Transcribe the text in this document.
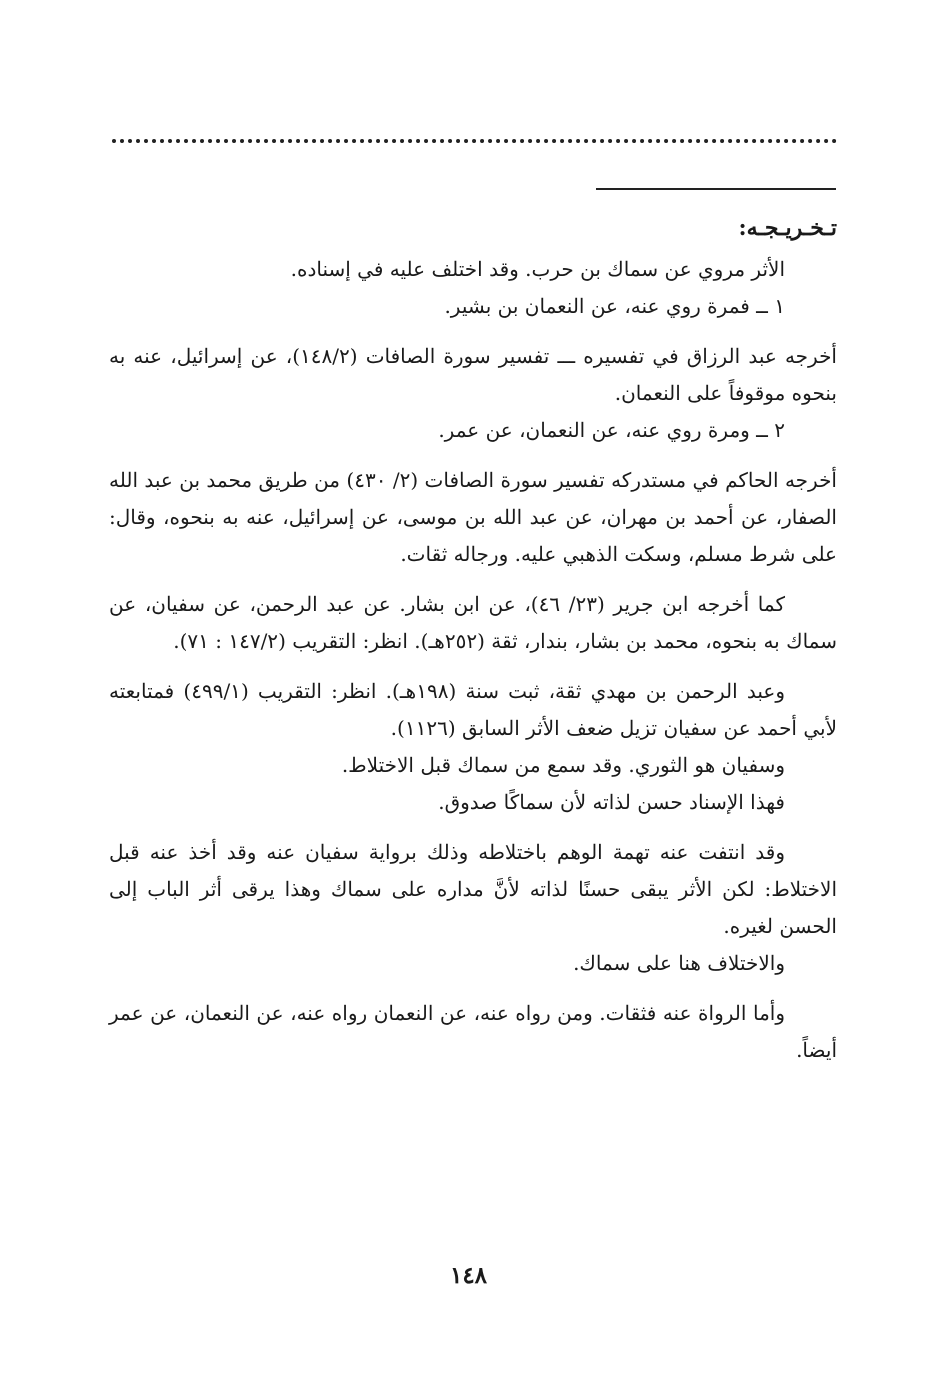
تـخـريـجـه:

الأثر مروي عن سماك بن حرب. وقد اختلف عليه في إسناده.

١ ــ فمرة روي عنه، عن النعمان بن بشير.

أخرجه عبد الرزاق في تفسيره ـــ تفسير سورة الصافات (١٤٨/٢)، عن إسرائيل، عنه به بنحوه موقوفاً على النعمان.

٢ ــ ومرة روي عنه، عن النعمان، عن عمر.

أخرجه الحاكم في مستدركه تفسير سورة الصافات (٢/ ٤٣٠) من طريق محمد بن عبد الله الصفار، عن أحمد بن مهران، عن عبد الله بن موسى، عن إسرائيل، عنه به بنحوه، وقال: على شرط مسلم، وسكت الذهبي عليه. ورجاله ثقات.

كما أخرجه ابن جرير (٢٣/ ٤٦)، عن ابن بشار. عن عبد الرحمن، عن سفيان، عن سماك به بنحوه، محمد بن بشار، بندار، ثقة (٢٥٢هـ). انظر: التقريب (١٤٧/٢ : ٧١).

وعبد الرحمن بن مهدي ثقة، ثبت سنة (١٩٨هـ). انظر: التقريب (٤٩٩/١) فمتابعته لأبي أحمد عن سفيان تزيل ضعف الأثر السابق (١١٢٦).

وسفيان هو الثوري. وقد سمع من سماك قبل الاختلاط.

فهذا الإسناد حسن لذاته لأن سماكًا صدوق.

وقد انتفت عنه تهمة الوهم باختلاطه وذلك برواية سفيان عنه وقد أخذ عنه قبل الاختلاط: لكن الأثر يبقى حسنًا لذاته لأنَّ مداره على سماك وهذا يرقى أثر الباب إلى الحسن لغيره.

والاختلاف هنا على سماك.

وأما الرواة عنه فثقات. ومن رواه عنه، عن النعمان رواه عنه، عن النعمان، عن عمر أيضاً.

١٤٨
